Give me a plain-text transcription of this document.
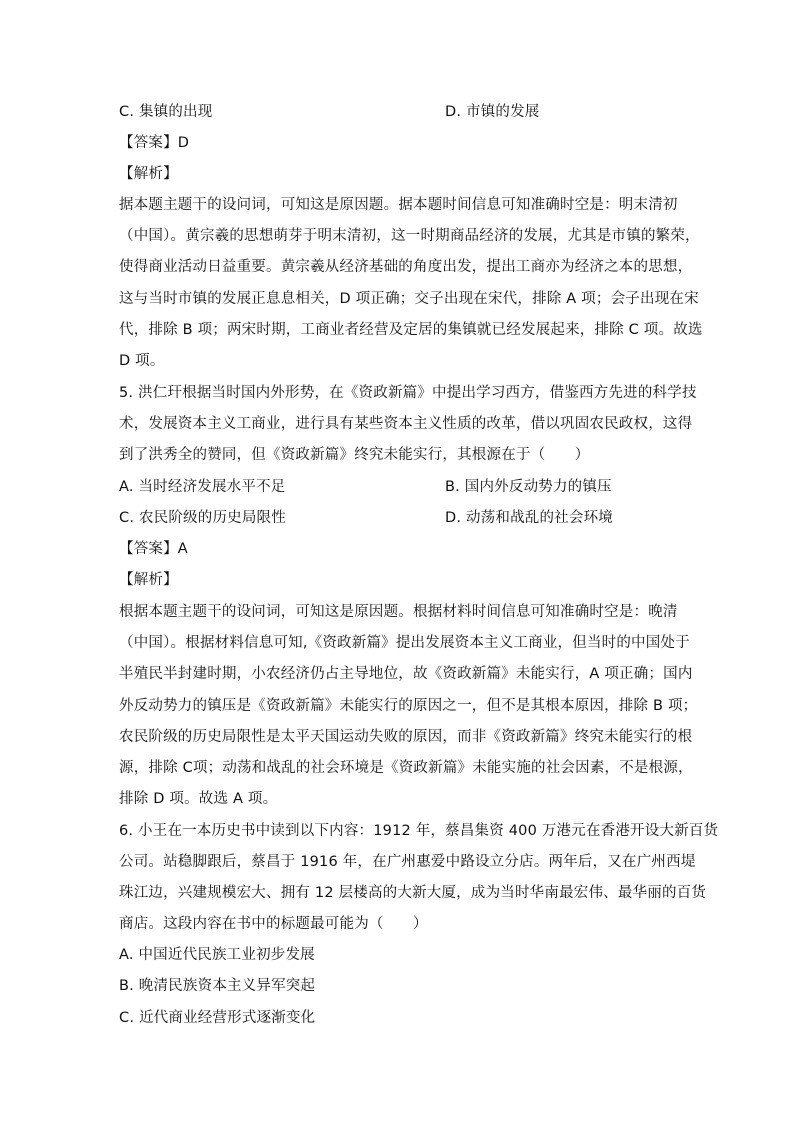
C. 集镇的出现	D. 市镇的发展
【答案】D
【解析】
据本题主题干的设问词，可知这是原因题。据本题时间信息可知准确时空是：明末清初
（中国）。黄宗羲的思想萌芽于明末清初，这一时期商品经济的发展，尤其是市镇的繁荣，
使得商业活动日益重要。黄宗羲从经济基础的角度出发，提出工商亦为经济之本的思想，
这与当时市镇的发展正息息相关，D 项正确；交子出现在宋代，排除 A 项；会子出现在宋
代，排除 B 项；两宋时期，工商业者经营及定居的集镇就已经发展起来，排除 C 项。故选
D 项。
5. 洪仁玕根据当时国内外形势，在《资政新篇》中提出学习西方，借鉴西方先进的科学技
术，发展资本主义工商业，进行具有某些资本主义性质的改革，借以巩固农民政权，这得
到了洪秀全的赞同，但《资政新篇》终究未能实行，其根源在于（　　）
A. 当时经济发展水平不足	B. 国内外反动势力的镇压
C. 农民阶级的历史局限性	D. 动荡和战乱的社会环境
【答案】A
【解析】
根据本题主题干的设问词，可知这是原因题。根据材料时间信息可知准确时空是：晚清
（中国）。根据材料信息可知,《资政新篇》提出发展资本主义工商业，但当时的中国处于
半殖民半封建时期，小农经济仍占主导地位，故《资政新篇》未能实行，A 项正确；国内
外反动势力的镇压是《资政新篇》未能实行的原因之一，但不是其根本原因，排除 B 项；
农民阶级的历史局限性是太平天国运动失败的原因，而非《资政新篇》终究未能实行的根
源，排除 C项；动荡和战乱的社会环境是《资政新篇》未能实施的社会因素，不是根源，
排除 D 项。故选 A 项。
6. 小王在一本历史书中读到以下内容：1912 年，蔡昌集资 400 万港元在香港开设大新百货
公司。站稳脚跟后，蔡昌于 1916 年，在广州惠爱中路设立分店。两年后，又在广州西堤
珠江边，兴建规模宏大、拥有 12 层楼高的大新大厦，成为当时华南最宏伟、最华丽的百货
商店。这段内容在书中的标题最可能为（　　）
A. 中国近代民族工业初步发展
B. 晚清民族资本主义异军突起
C. 近代商业经营形式逐渐变化
